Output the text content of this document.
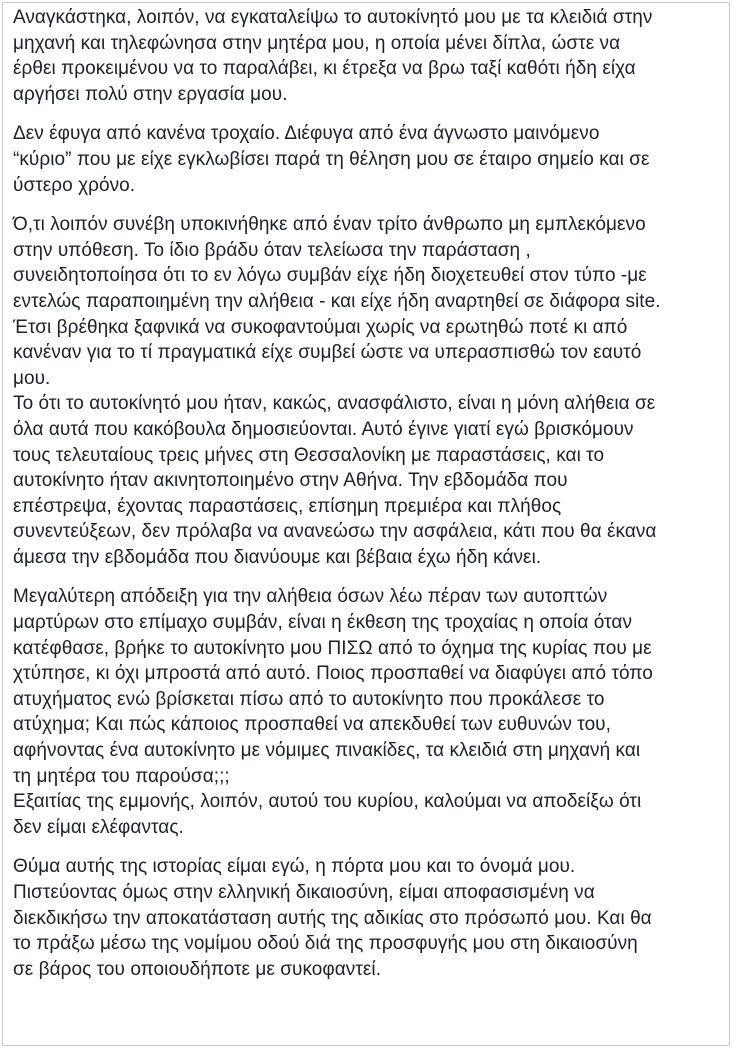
Αναγκάστηκα, λοιπόν, να εγκαταλείψω το αυτοκίνητό μου με τα κλειδιά στην
μηχανή και τηλεφώνησα στην μητέρα μου, η οποία μένει δίπλα, ώστε να
έρθει προκειμένου να το παραλάβει, κι έτρεξα να βρω ταξί καθότι ήδη είχα
αργήσει πολύ στην εργασία μου.

Δεν έφυγα από κανένα τροχαίο. Διέφυγα από ένα άγνωστο μαινόμενο
“κύριο” που με είχε εγκλωβίσει παρά τη θέληση μου σε έταιρο σημείο και σε
ύστερο χρόνο.

Ό,τι λοιπόν συνέβη υποκινήθηκε από έναν τρίτο άνθρωπο μη εμπλεκόμενο
στην υπόθεση. Το ίδιο βράδυ όταν τελείωσα την παράσταση ,
συνειδητοποίησα ότι το εν λόγω συμβάν είχε ήδη διοχετευθεί στον τύπο -με
εντελώς παραποιημένη την αλήθεια - και είχε ήδη αναρτηθεί σε διάφορα site.
Έτσι βρέθηκα ξαφνικά να συκοφαντούμαι χωρίς να ερωτηθώ ποτέ κι από
κανέναν για το τί πραγματικά είχε συμβεί ώστε να υπερασπισθώ τον εαυτό
μου.
Το ότι το αυτοκίνητό μου ήταν, κακώς, ανασφάλιστο, είναι η μόνη αλήθεια σε
όλα αυτά που κακόβουλα δημοσιεύονται. Αυτό έγινε γιατί εγώ βρισκόμουν
τους τελευταίους τρεις μήνες στη Θεσσαλονίκη με παραστάσεις, και το
αυτοκίνητο ήταν ακινητοποιημένο στην Αθήνα. Την εβδομάδα που
επέστρεψα, έχοντας παραστάσεις, επίσημη πρεμιέρα και πλήθος
συνεντεύξεων, δεν πρόλαβα να ανανεώσω την ασφάλεια, κάτι που θα έκανα
άμεσα την εβδομάδα που διανύουμε και βέβαια έχω ήδη κάνει.

Μεγαλύτερη απόδειξη για την αλήθεια όσων λέω πέραν των αυτοπτών
μαρτύρων στο επίμαχο συμβάν, είναι η έκθεση της τροχαίας η οποία όταν
κατέφθασε, βρήκε το αυτοκίνητο μου ΠΙΣΩ από το όχημα της κυρίας που με
χτύπησε, κι όχι μπροστά από αυτό. Ποιος προσπαθεί να διαφύγει από τόπο
ατυχήματος ενώ βρίσκεται πίσω από το αυτοκίνητο που προκάλεσε το
ατύχημα; Και πώς κάποιος προσπαθεί να απεκδυθεί των ευθυνών του,
αφήνοντας ένα αυτοκίνητο με νόμιμες πινακίδες, τα κλειδιά στη μηχανή και
τη μητέρα του παρούσα;;;
Εξαιτίας της εμμονής, λοιπόν, αυτού του κυρίου, καλούμαι να αποδείξω ότι
δεν είμαι ελέφαντας.

Θύμα αυτής της ιστορίας είμαι εγώ, η πόρτα μου και το όνομά μου.
Πιστεύοντας όμως στην ελληνική δικαιοσύνη, είμαι αποφασισμένη να
διεκδικήσω την αποκατάσταση αυτής της αδικίας στο πρόσωπό μου. Και θα
το πράξω μέσω της νομίμου οδού διά της προσφυγής μου στη δικαιοσύνη
σε βάρος του οποιουδήποτε με συκοφαντεί.
